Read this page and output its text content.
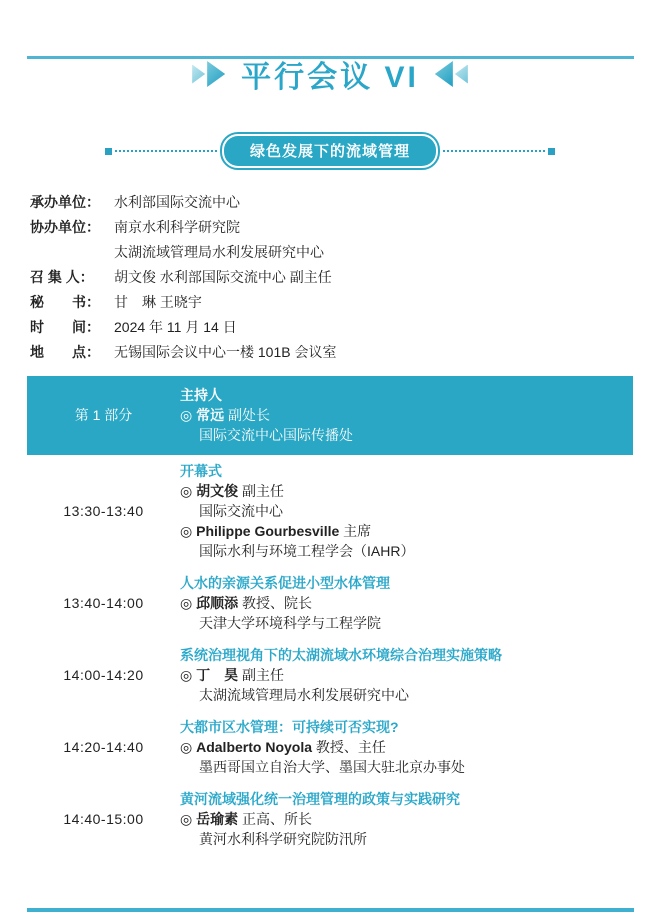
平行会议 VI
绿色发展下的流域管理
承办单位：	水利部国际交流中心
协办单位：	南京水利科学研究院
太湖流域管理局水利发展研究中心
召 集 人：	胡文俊 水利部国际交流中心 副主任
秘　　书：	甘　琳 王晓宇
时　　间：	2024 年 11 月 14 日
地　　点：	无锡国际会议中心一楼 101B 会议室
第 1 部分
主持人
◎ 常远 副处长
国际交流中心国际传播处
13:30-13:40
开幕式
◎ 胡文俊 副主任
国际交流中心
◎ Philippe Gourbesville 主席
国际水利与环境工程学会（IAHR）
13:40-14:00
人水的亲源关系促进小型水体管理
◎ 邱顺添 教授、院长
天津大学环境科学与工程学院
14:00-14:20
系统治理视角下的太湖流域水环境综合治理实施策略
◎ 丁　昊 副主任
太湖流域管理局水利发展研究中心
14:20-14:40
大都市区水管理：可持续可否实现?
◎ Adalberto Noyola 教授、主任
墨西哥国立自治大学、墨国大驻北京办事处
14:40-15:00
黄河流域强化统一治理管理的政策与实践研究
◎ 岳瑜素 正高、所长
黄河水利科学研究院防汛所
